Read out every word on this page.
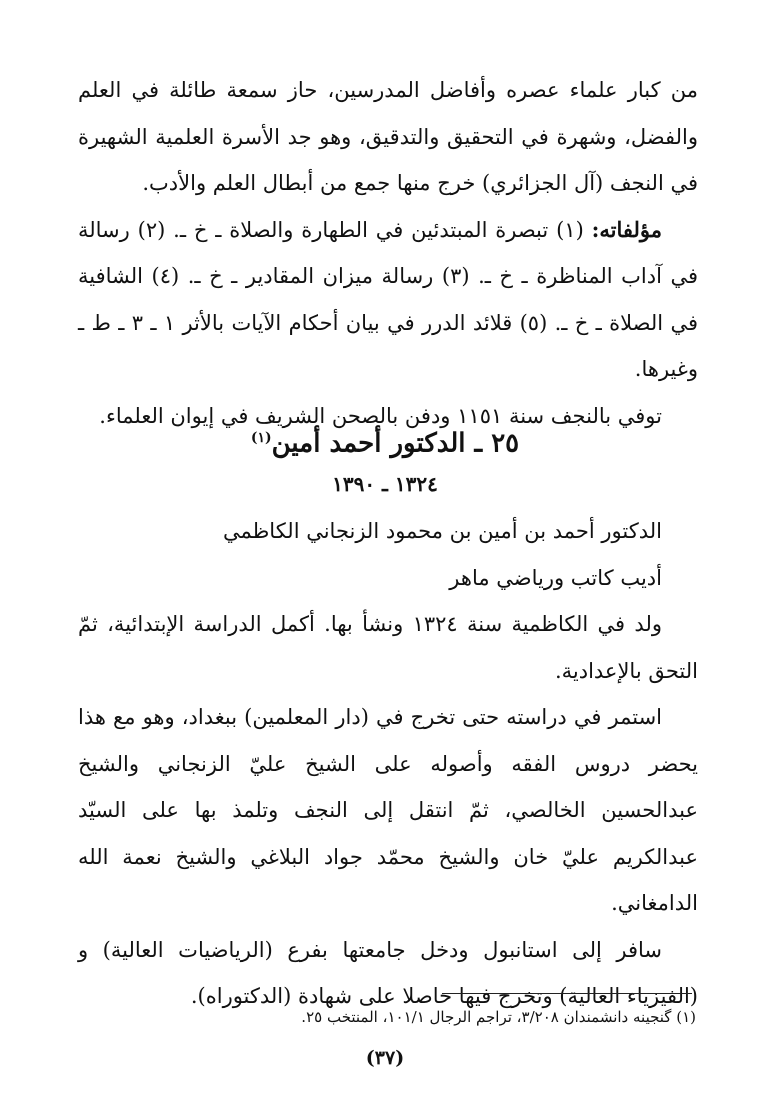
من كبار علماء عصره وأفاضل المدرسين، حاز سمعة طائلة في العلم والفضل، وشهرة في التحقيق والتدقيق، وهو جد الأسرة العلمية الشهيرة في النجف (آل الجزائري) خرج منها جمع من أبطال العلم والأدب.

مؤلفاته: (١) تبصرة المبتدئين في الطهارة والصلاة ـ خ ـ. (٢) رسالة في آداب المناظرة ـ خ ـ. (٣) رسالة ميزان المقادير ـ خ ـ. (٤) الشافية في الصلاة ـ خ ـ. (٥) قلائد الدرر في بيان أحكام الآيات بالأثر ١ ـ ٣ ـ ط ـ وغيرها.

توفي بالنجف سنة ١١٥١ ودفن بالصحن الشريف في إيوان العلماء.

٢٥ ـ الدكتور أحمد أمين$^{(١)}$
١٣٢٤ ـ ١٣٩٠

الدكتور أحمد بن أمين بن محمود الزنجاني الكاظمي

أديب كاتب ورياضي ماهر

ولد في الكاظمية سنة ١٣٢٤ ونشأ بها. أكمل الدراسة الإبتدائية، ثمّ التحق بالإعدادية.

استمر في دراسته حتى تخرج في (دار المعلمين) ببغداد، وهو مع هذا يحضر دروس الفقه وأصوله على الشيخ عليّ الزنجاني والشيخ عبدالحسين الخالصي، ثمّ انتقل إلى النجف وتلمذ بها على السيّد عبدالكريم عليّ خان والشيخ محمّد جواد البلاغي والشيخ نعمة الله الدامغاني.

سافر إلى استانبول ودخل جامعتها بفرع (الرياضيات العالية) و (الفيزياء العالية) وتخرج فيها حاصلا على شهادة (الدكتوراه).

(١) گنجينه دانشمندان ٣/٢٠٨، تراجم الرجال ١٠١/١، المنتخب ٢٥.
(٣٧)
